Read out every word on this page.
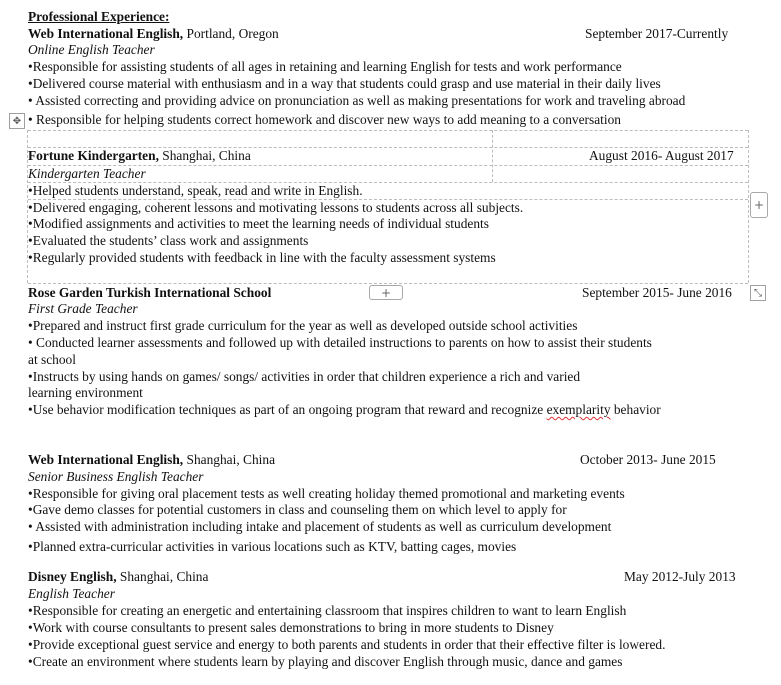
✥
+
+
⤡
Professional Experience:
Web International English, Portland, Oregon	September 2017-Currently
Online English Teacher
•Responsible for assisting students of all ages in retaining and learning English for tests and work performance
•Delivered course material with enthusiasm and in a way that students could grasp and use material in their daily lives
• Assisted correcting and providing advice on pronunciation as well as making presentations for work and traveling abroad
• Responsible for helping students correct homework and discover new ways to add meaning to a conversation
Fortune Kindergarten, Shanghai, China	August 2016- August 2017
Kindergarten Teacher
•Helped students understand, speak, read and write in English.
•Delivered engaging, coherent lessons and motivating lessons to students across all subjects.
•Modified assignments and activities to meet the learning needs of individual students
•Evaluated the students’ class work and assignments
•Regularly provided students with feedback in line with the faculty assessment systems
Rose Garden Turkish International School	September 2015- June 2016
First Grade Teacher
•Prepared and instruct first grade curriculum for the year as well as developed outside school activities
• Conducted learner assessments and followed up with detailed instructions to parents on how to assist their students
at school
•Instructs by using hands on games/ songs/ activities in order that children experience a rich and varied
learning environment
•Use behavior modification techniques as part of an ongoing program that reward and recognize exemplarity behavior
Web International English, Shanghai, China	October 2013- June 2015
Senior Business English Teacher
•Responsible for giving oral placement tests as well creating holiday themed promotional and marketing events
•Gave demo classes for potential customers in class and counseling them on which level to apply for
• Assisted with administration including intake and placement of students as well as curriculum development
•Planned extra-curricular activities in various locations such as KTV, batting cages, movies
Disney English, Shanghai, China	May 2012-July 2013
English Teacher
•Responsible for creating an energetic and entertaining classroom that inspires children to want to learn English
•Work with course consultants to present sales demonstrations to bring in more students to Disney
•Provide exceptional guest service and energy to both parents and students in order that their effective filter is lowered.
•Create an environment where students learn by playing and discover English through music, dance and games
